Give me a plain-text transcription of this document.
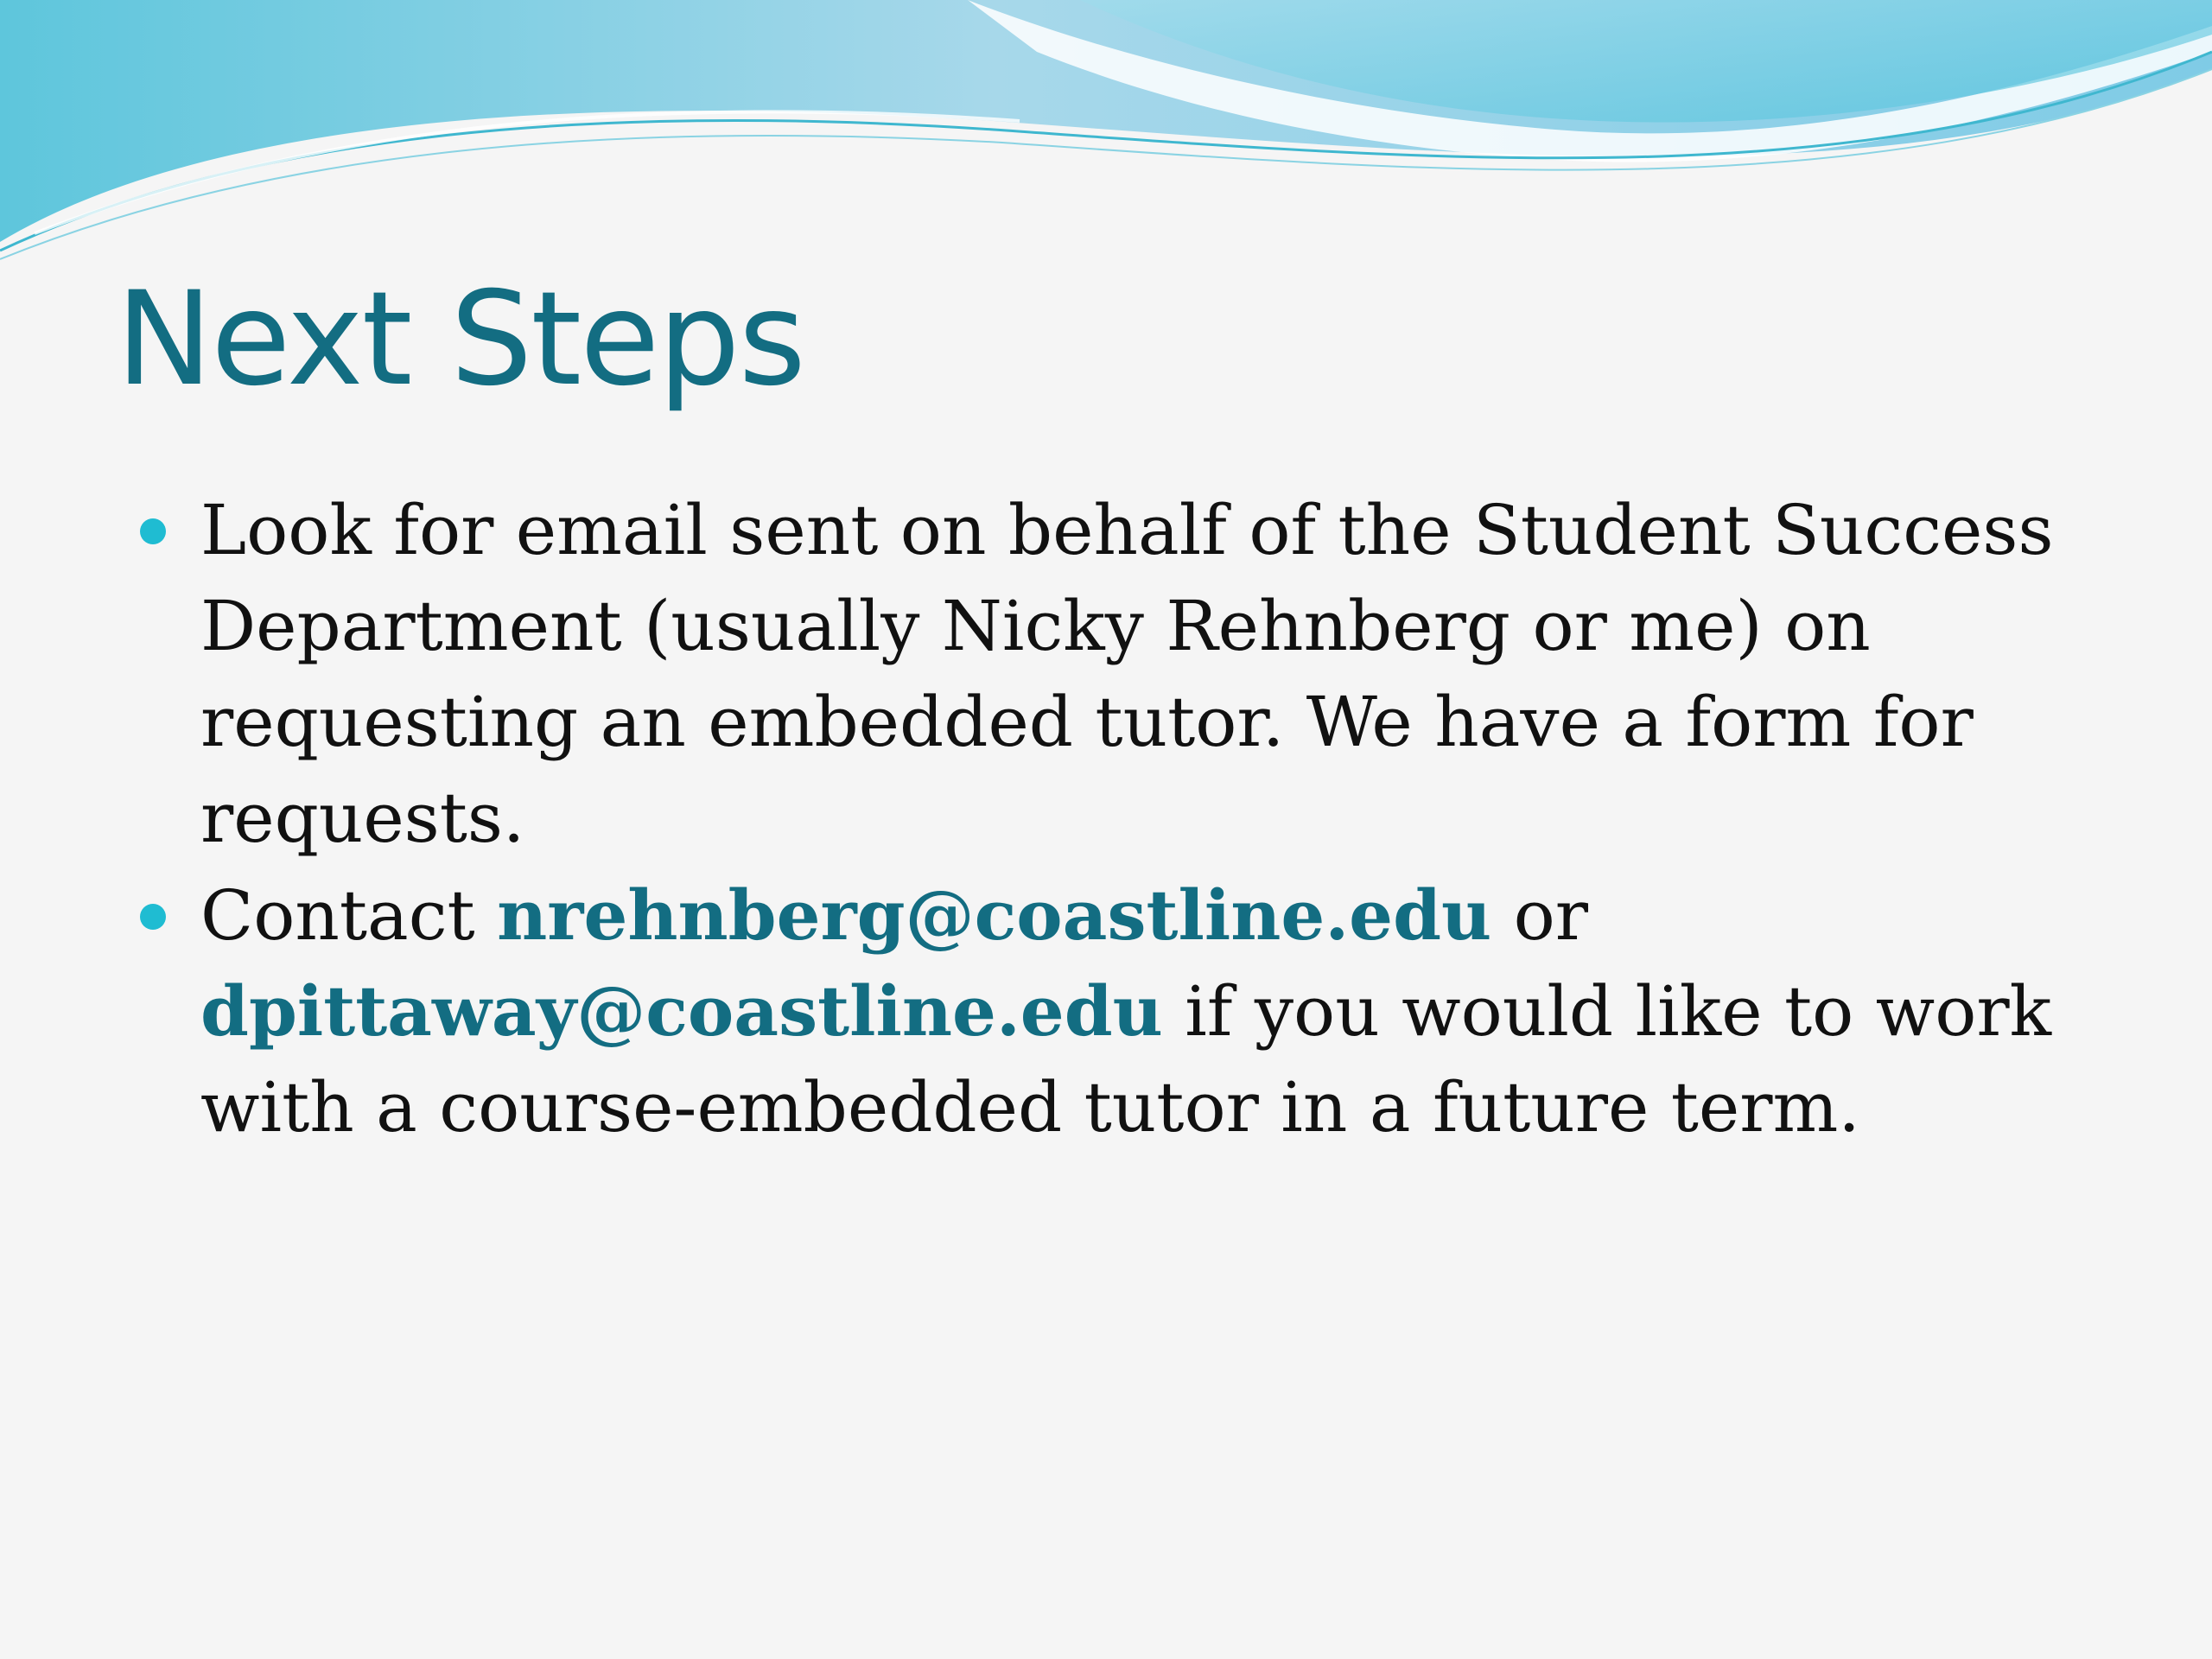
Next Steps
Look for email sent on behalf of the Student Success Department (usually Nicky Rehnberg or me) on requesting an embedded tutor. We have a form for requests.
Contact nrehnberg@coastline.edu or dpittaway@coastline.edu if you would like to work with a course-embedded tutor in a future term.
